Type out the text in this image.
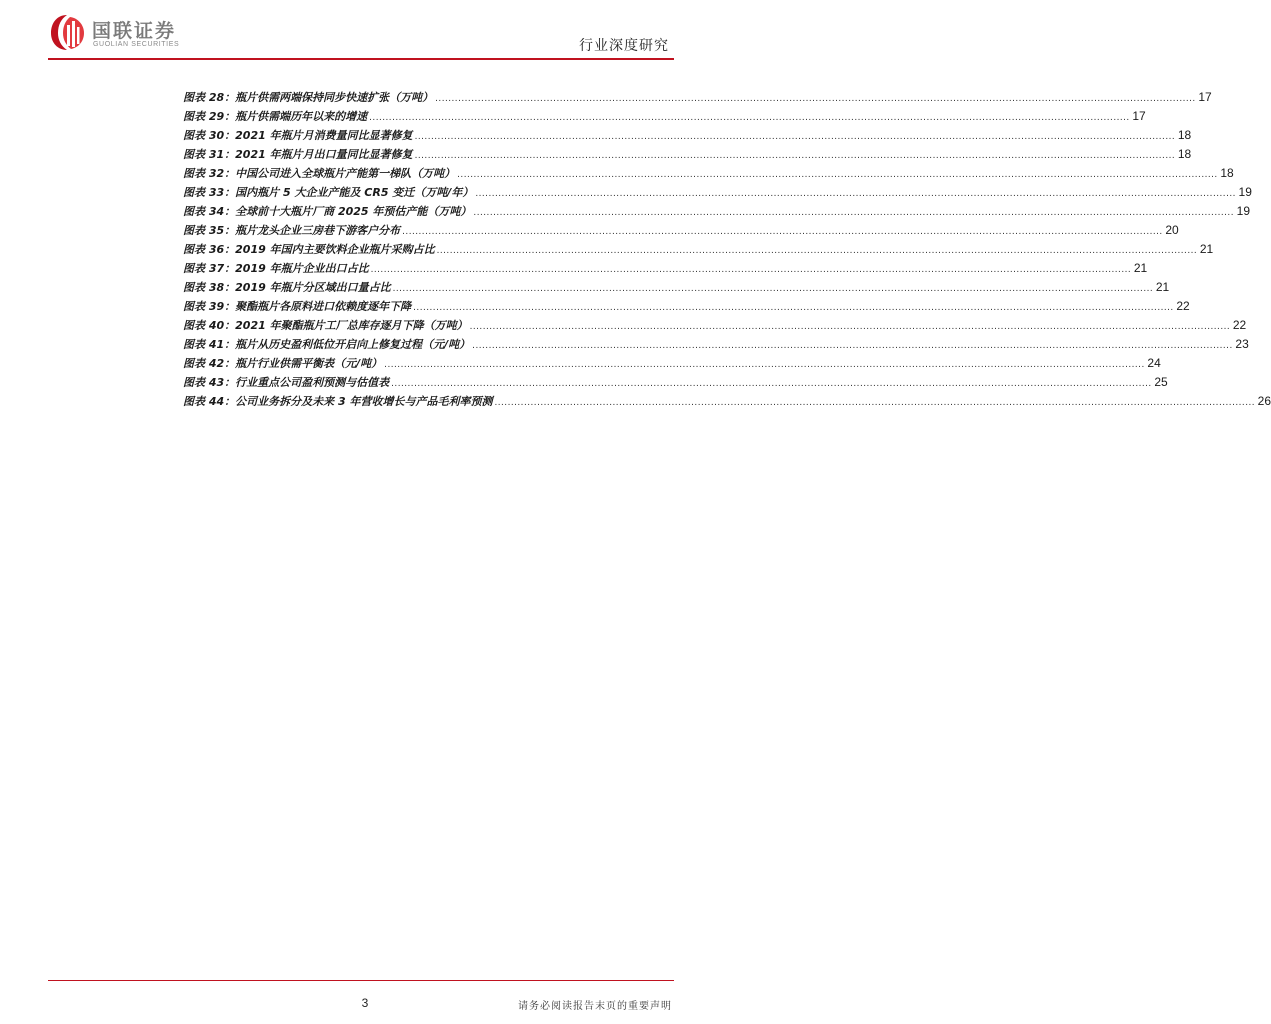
国联证券
GUOLIAN SECURITIES	行业深度研究
图表 28： 瓶片供需两端保持同步快速扩张（万吨） .....	17
图表 29： 瓶片供需端历年以来的增速 .....	17
图表 30： 2021 年瓶片月消费量同比显著修复 .....	18
图表 31： 2021 年瓶片月出口量同比显著修复 .....	18
图表 32： 中国公司进入全球瓶片产能第一梯队（万吨） .....	18
图表 33： 国内瓶片 5 大企业产能及 CR5 变迁（万吨/年） .....	19
图表 34： 全球前十大瓶片厂商 2025 年预估产能（万吨） .....	19
图表 35： 瓶片龙头企业三房巷下游客户分布 .....	20
图表 36： 2019 年国内主要饮料企业瓶片采购占比 .....	21
图表 37： 2019 年瓶片企业出口占比 .....	21
图表 38： 2019 年瓶片分区域出口量占比 .....	21
图表 39： 聚酯瓶片各原料进口依赖度逐年下降 .....	22
图表 40： 2021 年聚酯瓶片工厂总库存逐月下降（万吨） .....	22
图表 41： 瓶片从历史盈利低位开启向上修复过程（元/吨） .....	23
图表 42： 瓶片行业供需平衡表（元/吨） .....	24
图表 43： 行业重点公司盈利预测与估值表 .....	25
图表 44： 公司业务拆分及未来 3 年营收增长与产品毛利率预测 .....	26
3	请务必阅读报告末页的重要声明
